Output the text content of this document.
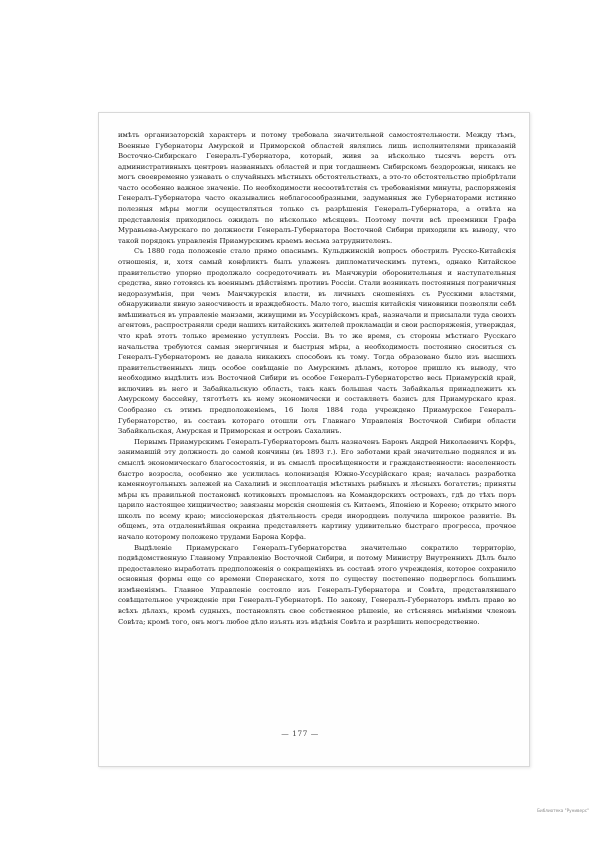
имѣть организаторскій характеръ и потому требовала значительной самостоятельности. Между тѣмъ, Военные Губернаторы Амурской и Приморской областей являлись лишь исполнителями приказаній Восточно-Сибирскаго Генералъ-Губернатора, который, живя за нѣсколько тысячъ верстъ отъ административныхъ центровъ названныхъ областей и при тогдашнемъ Сибирскомъ бездорожьи, никакъ не могъ своевременно узнавать о случайныхъ мѣстныхъ обстоятельствахъ, а это-то обстоятельство пріобрѣтали часто особенно важное значеніе. По необходимости несоотвѣтствія съ требованіями минуты, распоряженія Генералъ-Губернатора часто оказывались неблагосообразными, задуманныя же Губернаторами истинно полезныя мѣры могли осуществляться только съ разрѣшенія Генералъ-Губернатора, а отвѣта на представленія приходилось ожидать по нѣсколько мѣсяцевъ. Поэтому почти всѣ преемники Графа Муравьева-Амурскаго по должности Генералъ-Губернатора Восточной Сибири приходили къ выводу, что такой порядокъ управленія Приамурскимъ краемъ весьма затруднителенъ.

Съ 1880 года положеніе стало прямо опаснымъ. Кульджинскій вопросъ обострилъ Русско-Китайскія отношенія, и, хотя самый конфликтъ былъ улаженъ дипломатическимъ путемъ, однако Китайское правительство упорно продолжало сосредоточивать въ Манчжуріи оборонительныя и наступательныя средства, явно готовясь къ военнымъ дѣйствіямъ противъ Россіи. Стали возникать постоянныя пограничныя недоразумѣнія, при чемъ Манчжурскія власти, въ личныхъ сношеніяхъ съ Русскими властями, обнаруживали явную заносчивость и враждебность. Мало того, высшія китайскія чиновники позволяли себѣ вмѣшиваться въ управленіе манзами, живущими въ Уссурійскомъ краѣ, назначали и присылали туда своихъ агентовъ, распространяли среди нашихъ китайскихъ жителей прокламаціи и свои распоряженія, утверждая, что краѣ этотъ только временно уступленъ Россіи. Въ то же время, съ стороны мѣстнаго Русскаго начальства требуются самыя энергичныя и быстрыя мѣры, а необходимость постоянно сноситься съ Генералъ-Губернаторомъ не давала никакихъ способовъ къ тому. Тогда образовано было изъ высшихъ правительственныхъ лицъ особое совѣщаніе по Амурскимъ дѣламъ, которое пришло къ выводу, что необходимо выдѣлить изъ Восточной Сибири въ особое Генералъ-Губернаторство весь Приамурскій край, включивъ въ него и Забайкальскую область, такъ какъ большая часть Забайкалья принадлежитъ къ Амурскому бассейну, тяготѣетъ къ нему экономически и составляетъ базисъ для Приамурскаго края. Сообразно съ этимъ предположеніемъ, 16 Іюля 1884 года учреждено Приамурское Генералъ-Губернаторство, въ составъ котораго отошли отъ Главнаго Управленія Восточной Сибири области Забайкальская, Амурская и Приморская и островъ Сахалинъ.

Первымъ Приамурскимъ Генералъ-Губернаторомъ былъ назначенъ Баронъ Андрей Николаевичъ Корфъ, занимавшій эту должность до самой кончины (въ 1893 г.). Его заботами край значительно поднялся и въ смыслѣ экономическаго благосостоянія, и въ смыслѣ просвѣщенности и гражданственности: населенность быстро возросла, особенно же усилилась колонизація Южно-Уссурійскаго края; началась разработка каменноугольныхъ залежей на Сахалинѣ и эксплоатація мѣстныхъ рыбныхъ и лѣсныхъ богатствъ; приняты мѣры къ правильной постановкѣ котиковыхъ промысловъ на Командорскихъ островахъ, гдѣ до тѣхъ поръ царило настоящее хищничество; завязаны морскія сношенія съ Китаемъ, Японіею и Кореею; открыто много школъ по всему краю; миссіонерская дѣятельность среди инородцевъ получила широкое развитіе. Въ общемъ, эта отдаленнѣйшая окраина представляетъ картину удивительно быстраго прогресса, прочное начало которому положено трудами Барона Корфа.

Выдѣленіе Приамурскаго Генералъ-Губернаторства значительно сократило территорію, подвѣдомственную Главному Управленію Восточной Сибири, и потому Министру Внутреннихъ Дѣлъ было предоставлено выработать предположенія о сокращеніяхъ въ составѣ этого учрежденія, которое сохранило основныя формы еще со времени Сперанскаго, хотя по существу постепенно подверглось большимъ измѣненіямъ. Главное Управленіе состояло изъ Генералъ-Губернатора и Совѣта, представлявшаго совѣщательное учрежденіе при Генералъ-Губернаторѣ. По закону, Генералъ-Губернаторъ имѣлъ право во всѣхъ дѣлахъ, кромѣ судныхъ, постановлять свое собственное рѣшеніе, не стѣсняясь мнѣніями членовъ Совѣта; кромѣ того, онъ могъ любое дѣло изъять изъ вѣдѣнія Совѣта и разрѣшить непосредственно.

— 177 —
Библиотека "Руниверс"
